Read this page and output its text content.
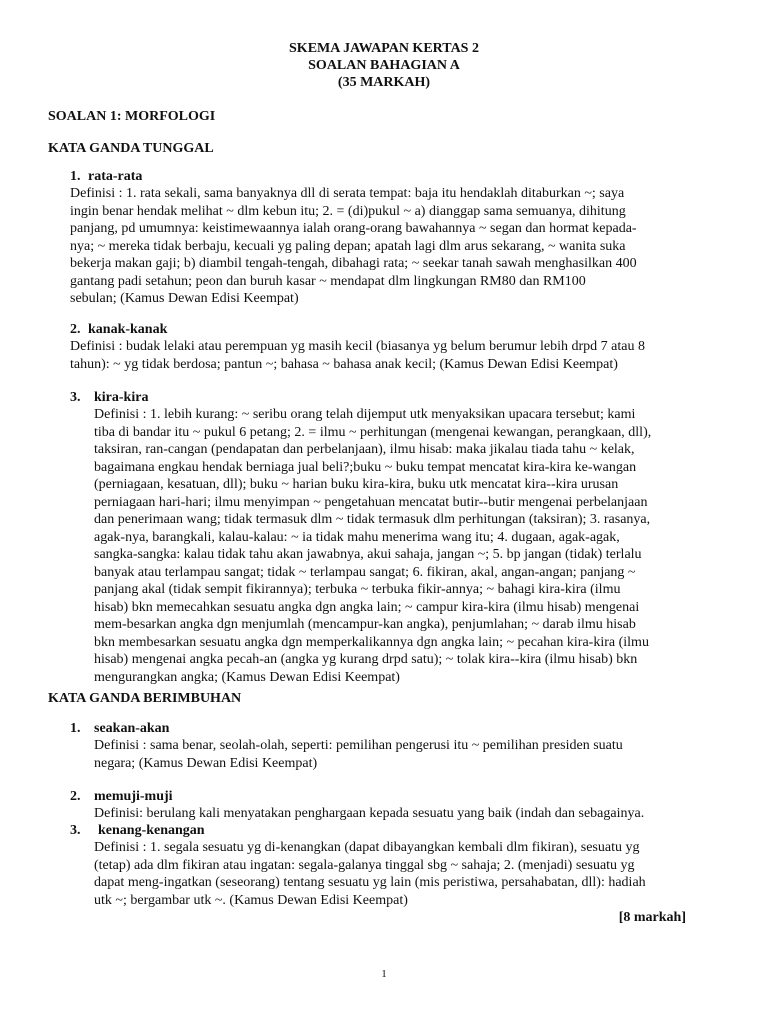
SKEMA JAWAPAN KERTAS 2
SOALAN BAHAGIAN A
(35 MARKAH)
SOALAN 1: MORFOLOGI
KATA GANDA TUNGGAL
1. rata-rata
Definisi : 1. rata sekali, sama banyaknya dll di serata tempat: baja itu hendaklah ditaburkan ~; saya
ingin benar hendak melihat ~ dlm kebun itu; 2. = (di)pukul ~ a) dianggap sama semuanya, dihitung
panjang, pd umumnya: keistimewaannya ialah orang-orang bawahannya ~ segan dan hormat kepada-
nya; ~ mereka tidak berbaju, kecuali yg paling depan; apatah lagi dlm arus sekarang, ~ wanita suka
bekerja makan gaji; b) diambil tengah-tengah, dibahagi rata; ~ seekar tanah sawah menghasilkan 400
gantang padi setahun; peon dan buruh kasar ~ mendapat dlm lingkungan RM80 dan RM100
sebulan; (Kamus Dewan Edisi Keempat)
2. kanak-kanak
Definisi : budak lelaki atau perempuan yg masih kecil (biasanya yg belum berumur lebih drpd 7 atau 8
tahun): ~ yg tidak berdosa; pantun ~; bahasa ~ bahasa anak kecil; (Kamus Dewan Edisi Keempat)
3. kira-kira
Definisi : 1. lebih kurang: ~ seribu orang telah dijemput utk menyaksikan upacara tersebut; kami
tiba di bandar itu ~ pukul 6 petang; 2. = ilmu ~ perhitungan (mengenai kewangan, perangkaan, dll),
taksiran, ran-cangan (pendapatan dan perbelanjaan), ilmu hisab: maka jikalau tiada tahu ~ kelak,
bagaimana engkau hendak berniaga jual beli?;buku ~ buku tempat mencatat kira-kira ke-wangan
(perniagaan, kesatuan, dll); buku ~ harian buku kira-kira, buku utk mencatat kira--kira urusan
perniagaan hari-hari; ilmu menyimpan ~ pengetahuan mencatat butir--butir mengenai perbelanjaan
dan penerimaan wang; tidak termasuk dlm ~ tidak termasuk dlm perhitungan (taksiran); 3. rasanya,
agak-nya, barangkali, kalau-kalau: ~ ia tidak mahu menerima wang itu; 4. dugaan, agak-agak,
sangka-sangka: kalau tidak tahu akan jawabnya, akui sahaja, jangan ~; 5. bp jangan (tidak) terlalu
banyak atau terlampau sangat; tidak ~ terlampau sangat; 6. fikiran, akal, angan-angan; panjang ~
panjang akal (tidak sempit fikirannya); terbuka ~ terbuka fikir-annya; ~ bahagi kira-kira (ilmu
hisab) bkn memecahkan sesuatu angka dgn angka lain; ~ campur kira-kira (ilmu hisab) mengenai
mem-besarkan angka dgn menjumlah (mencampur-kan angka), penjumlahan; ~ darab ilmu hisab
bkn membesarkan sesuatu angka dgn memperkalikannya dgn angka lain; ~ pecahan kira-kira (ilmu
hisab) mengenai angka pecah-an (angka yg kurang drpd satu); ~ tolak kira--kira (ilmu hisab) bkn
mengurangkan angka; (Kamus Dewan Edisi Keempat)
KATA GANDA BERIMBUHAN
1. seakan-akan
Definisi : sama benar, seolah-olah, seperti: pemilihan pengerusi itu ~ pemilihan presiden suatu
negara; (Kamus Dewan Edisi Keempat)
2. memuji-muji
Definisi: berulang kali menyatakan penghargaan kepada sesuatu yang baik (indah dan sebagainya.
3. kenang-kenangan
Definisi : 1. segala sesuatu yg di-kenangkan (dapat dibayangkan kembali dlm fikiran), sesuatu yg
(tetap) ada dlm fikiran atau ingatan: segala-galanya tinggal sbg ~ sahaja; 2. (menjadi) sesuatu yg
dapat meng-ingatkan (seseorang) tentang sesuatu yg lain (mis peristiwa, persahabatan, dll): hadiah
utk ~; bergambar utk ~. (Kamus Dewan Edisi Keempat)
[8 markah]
1
